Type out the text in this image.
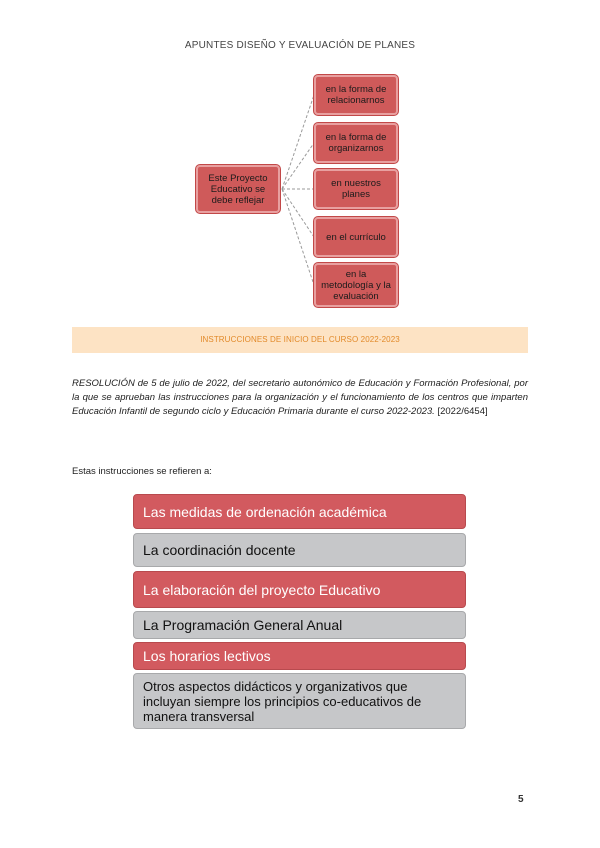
APUNTES DISEÑO Y EVALUACIÓN DE PLANES
Este Proyecto Educativo se debe reflejar
en la forma de relacionarnos
en la forma de organizarnos
en nuestros planes
en el currículo
en la metodología y la evaluación
INSTRUCCIONES DE INICIO DEL CURSO 2022-2023
RESOLUCIÓN de 5 de julio de 2022, del secretario autonómico de Educación y Formación Profesional, por la que se aprueban las instrucciones para la organización y el funcionamiento de los centros que imparten Educación Infantil de segundo ciclo y Educación Primaria durante el curso 2022-2023. [2022/6454]
Estas instrucciones se refieren a:
Las medidas de ordenación académica
La coordinación docente
La elaboración del proyecto Educativo
La Programación General Anual
Los horarios lectivos
Otros aspectos didácticos y organizativos que incluyan siempre los principios co-educativos de manera transversal
5
